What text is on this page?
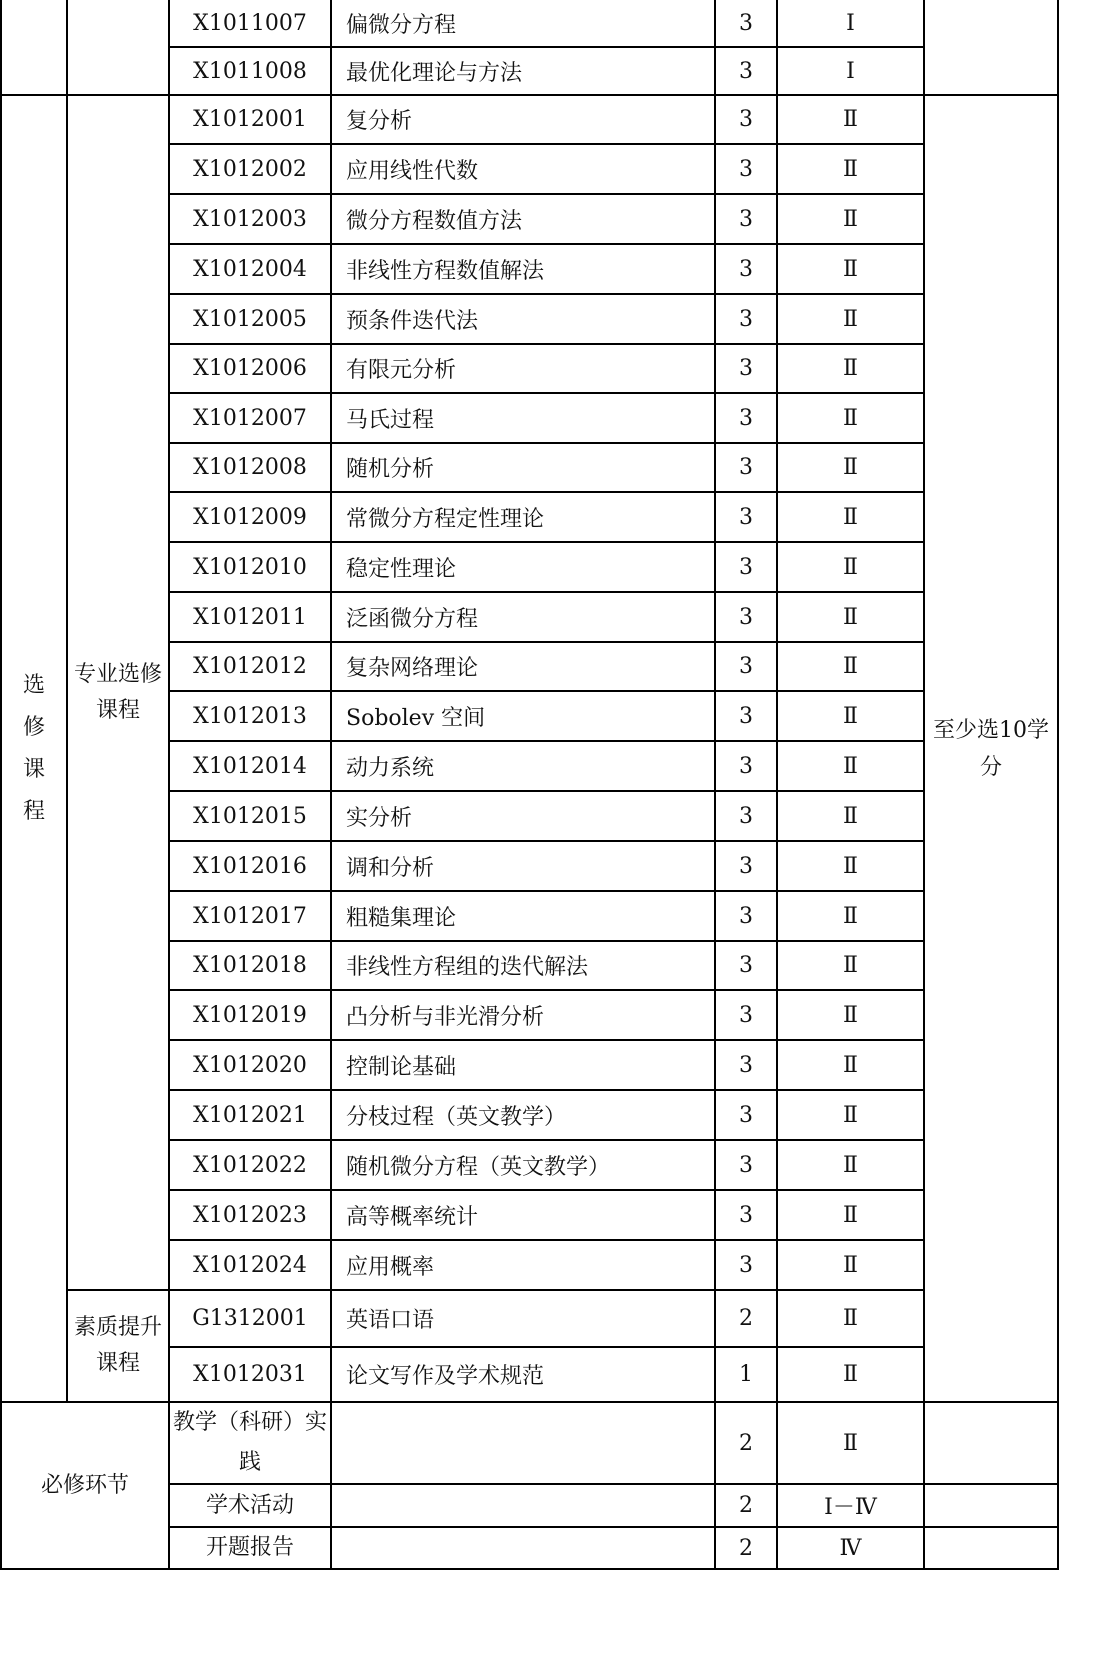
		X1011007	偏微分方程	3	Ⅰ	
		X1011008	最优化理论与方法	3	Ⅰ	
选修课程	专业选修课程	X1012001	复分析	3	Ⅱ	至少选10学分
		X1012002	应用线性代数	3	Ⅱ	
		X1012003	微分方程数值方法	3	Ⅱ	
		X1012004	非线性方程数值解法	3	Ⅱ	
		X1012005	预条件迭代法	3	Ⅱ	
		X1012006	有限元分析	3	Ⅱ	
		X1012007	马氏过程	3	Ⅱ	
		X1012008	随机分析	3	Ⅱ	
		X1012009	常微分方程定性理论	3	Ⅱ	
		X1012010	稳定性理论	3	Ⅱ	
		X1012011	泛函微分方程	3	Ⅱ	
		X1012012	复杂网络理论	3	Ⅱ	
		X1012013	Sobolev 空间	3	Ⅱ	
		X1012014	动力系统	3	Ⅱ	
		X1012015	实分析	3	Ⅱ	
		X1012016	调和分析	3	Ⅱ	
		X1012017	粗糙集理论	3	Ⅱ	
		X1012018	非线性方程组的迭代解法	3	Ⅱ	
		X1012019	凸分析与非光滑分析	3	Ⅱ	
		X1012020	控制论基础	3	Ⅱ	
		X1012021	分枝过程（英文教学）	3	Ⅱ	
		X1012022	随机微分方程（英文教学）	3	Ⅱ	
		X1012023	高等概率统计	3	Ⅱ	
		X1012024	应用概率	3	Ⅱ	
	素质提升课程	G1312001	英语口语	2	Ⅱ	
		X1012031	论文写作及学术规范	1	Ⅱ	
必修环节		教学（科研）实践		2	Ⅱ	
		学术活动		2	Ⅰ－Ⅳ	
		开题报告		2	Ⅳ	
